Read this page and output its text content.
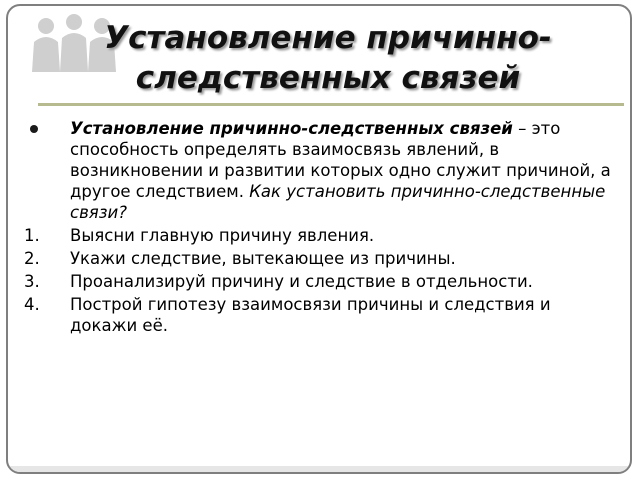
Установление причинно-
следственных связей
Установление причинно-следственных связей – это способность определять взаимосвязь явлений, в возникновении и развитии которых одно служит причиной, а другое следствием. Как установить причинно-следственные связи?
1. Выясни главную причину явления.
2. Укажи следствие, вытекающее из причины.
3. Проанализируй причину и следствие в отдельности.
4. Построй гипотезу взаимосвязи причины и следствия и докажи её.
